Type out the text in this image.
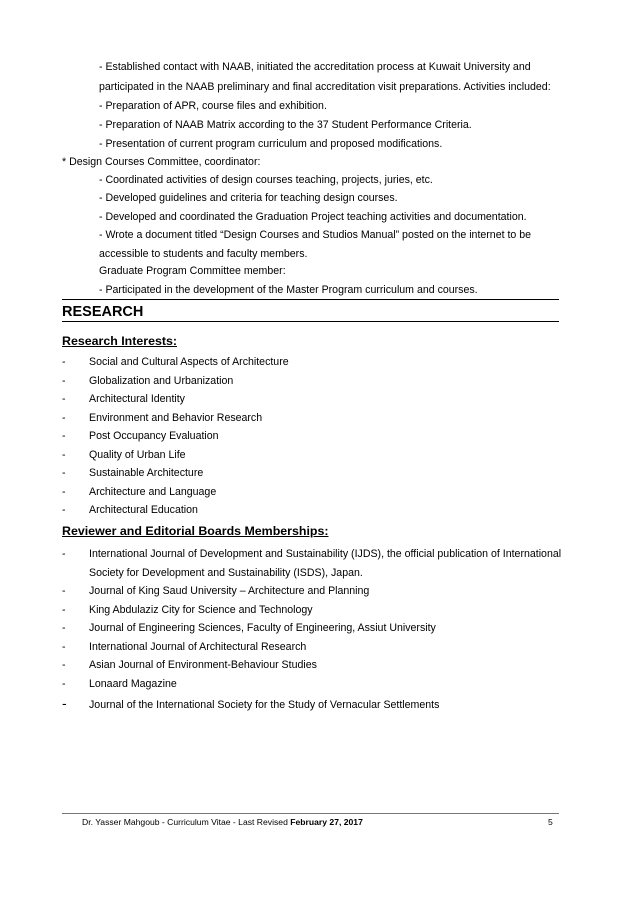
- Established contact with NAAB, initiated the accreditation process at Kuwait University and
participated in the NAAB preliminary and final accreditation visit preparations. Activities included:
- Preparation of APR, course files and exhibition.
- Preparation of NAAB Matrix according to the 37 Student Performance Criteria.
- Presentation of current program curriculum and proposed modifications.
* Design Courses Committee, coordinator:
- Coordinated activities of design courses teaching, projects, juries, etc.
- Developed guidelines and criteria for teaching design courses.
- Developed and coordinated the Graduation Project teaching activities and documentation.
- Wrote a document titled “Design Courses and Studios Manual” posted on the internet to be
accessible to students and faculty members.
Graduate Program Committee member:
- Participated in the development of the Master Program curriculum and courses.
RESEARCH
Research Interests:
- Social and Cultural Aspects of Architecture
- Globalization and Urbanization
- Architectural Identity
- Environment and Behavior Research
- Post Occupancy Evaluation
- Quality of Urban Life
- Sustainable Architecture
- Architecture and Language
- Architectural Education
Reviewer and Editorial Boards Memberships:
- International Journal of Development and Sustainability (IJDS), the official publication of International
Society for Development and Sustainability (ISDS), Japan.
- Journal of King Saud University – Architecture and Planning
- King Abdulaziz City for Science and Technology
- Journal of Engineering Sciences, Faculty of Engineering, Assiut University
- International Journal of Architectural Research
- Asian Journal of Environment-Behaviour Studies
- Lonaard Magazine
- Journal of the International Society for the Study of Vernacular Settlements
Dr. Yasser Mahgoub - Curriculum Vitae - Last Revised February 27, 2017	5
